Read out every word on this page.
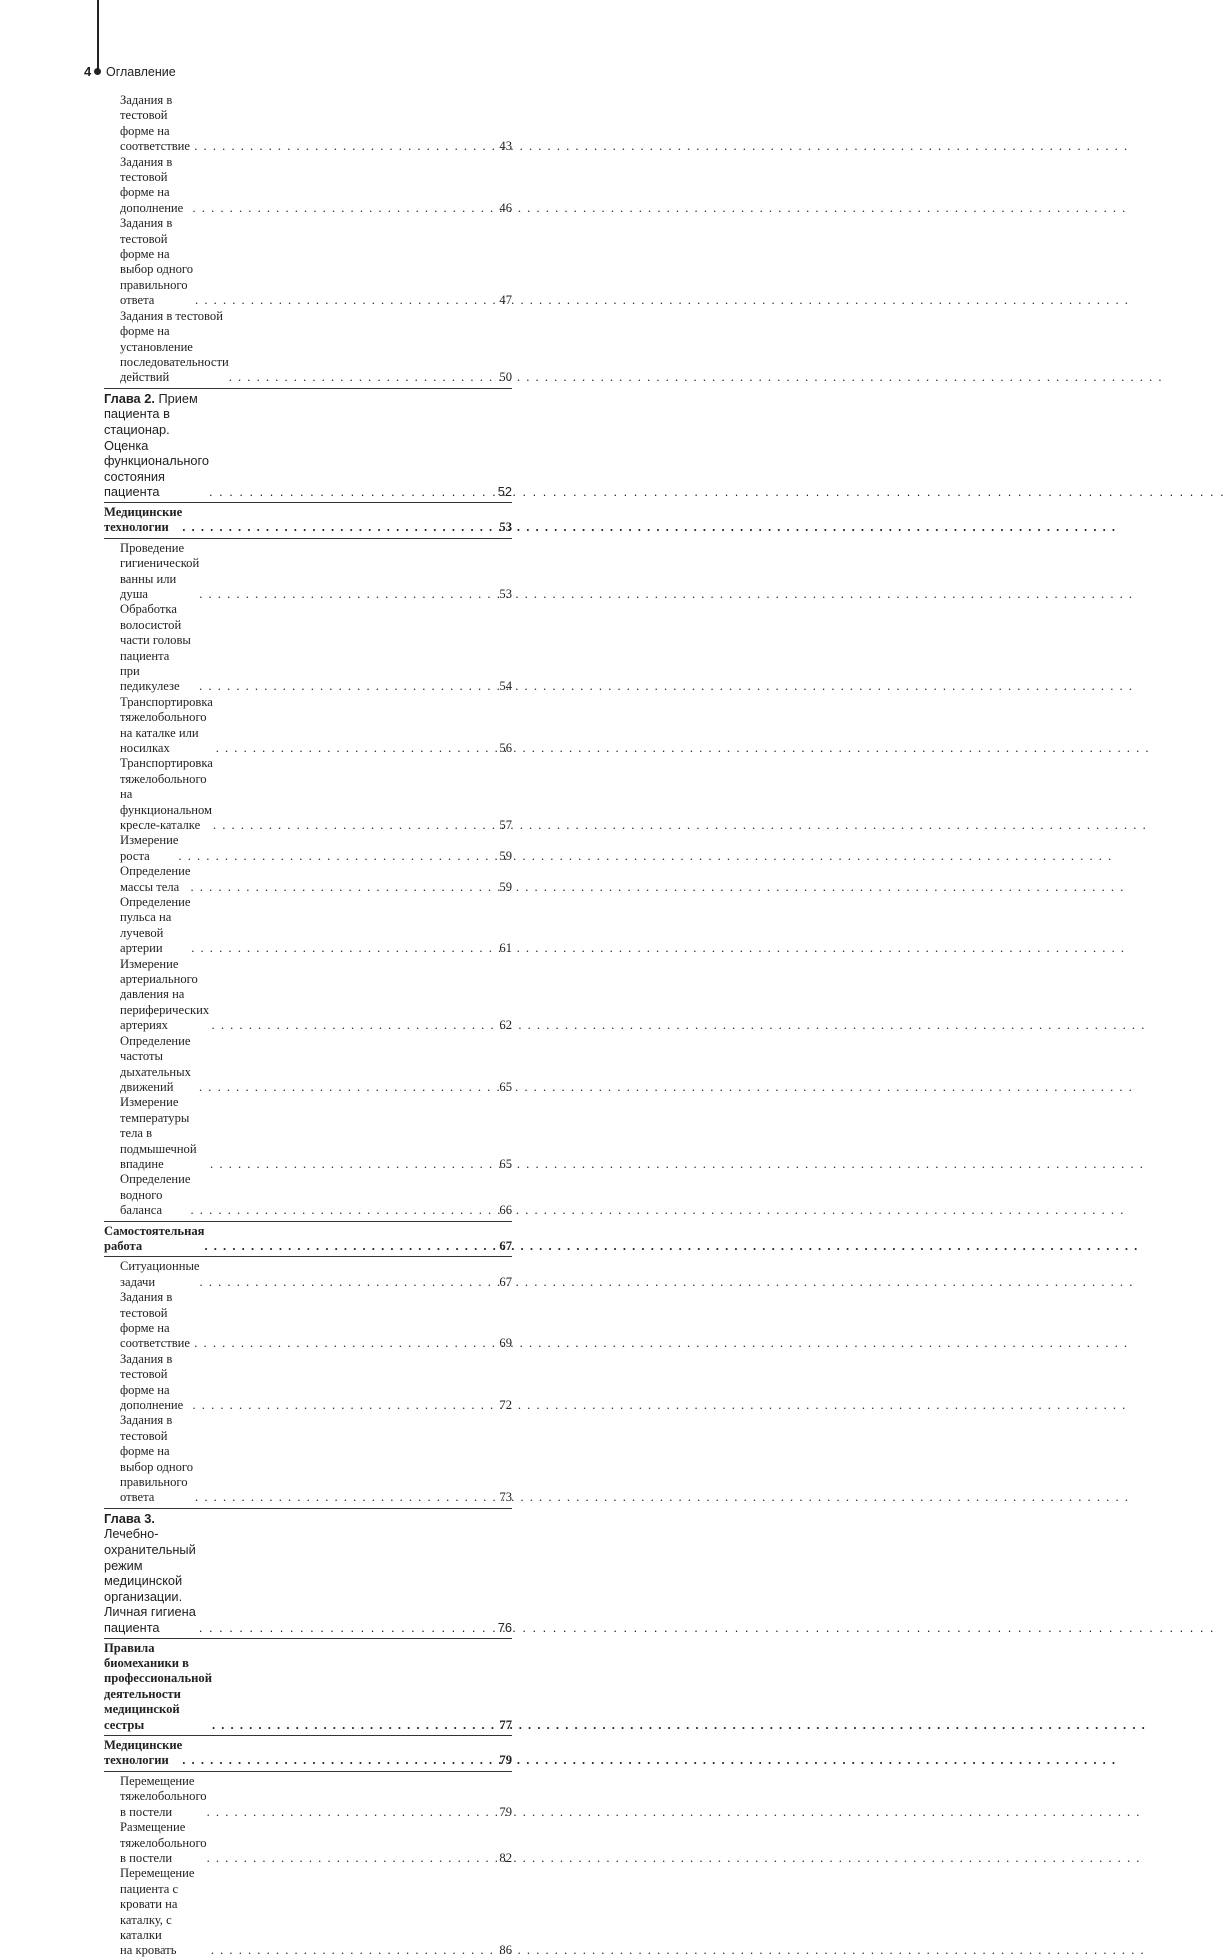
4 Оглавление
Задания в тестовой форме на соответствие . . .	43
Задания в тестовой форме на дополнение . . .	46
Задания в тестовой форме на выбор одного
правильного ответа . . .	47
Задания в тестовой форме на установление
последовательности действий . . .	50
Глава 2. Прием пациента в стационар.
Оценка функционального состояния пациента . . .	52
Медицинские технологии . . .	53
Проведение гигиенической ванны или душа . . .	53
Обработка волосистой части головы пациента
при педикулезе . . .	54
Транспортировка тяжелобольного на каталке или носилках . . .	56
Транспортировка тяжелобольного на функциональном
кресле-каталке . . .	57
Измерение роста . . .	59
Определение массы тела . . .	59
Определение пульса на лучевой артерии . . .	61
Измерение артериального давления на периферических
артериях . . .	62
Определение частоты дыхательных движений . . .	65
Измерение температуры тела в подмышечной впадине . . .	65
Определение водного баланса . . .	66
Самостоятельная работа . . .	67
Ситуационные задачи . . .	67
Задания в тестовой форме на соответствие . . .	69
Задания в тестовой форме на дополнение . . .	72
Задания в тестовой форме на выбор одного
правильного ответа . . .	73
Глава 3. Лечебно-охранительный режим медицинской
организации. Личная гигиена пациента . . .	76
Правила биомеханики в профессиональной деятельности
медицинской сестры . . .	77
Медицинские технологии . . .	79
Перемещение тяжелобольного в постели . . .	79
Размещение тяжелобольного в постели . . .	82
Перемещение пациента с кровати на каталку, с каталки
на кровать . . .	86
